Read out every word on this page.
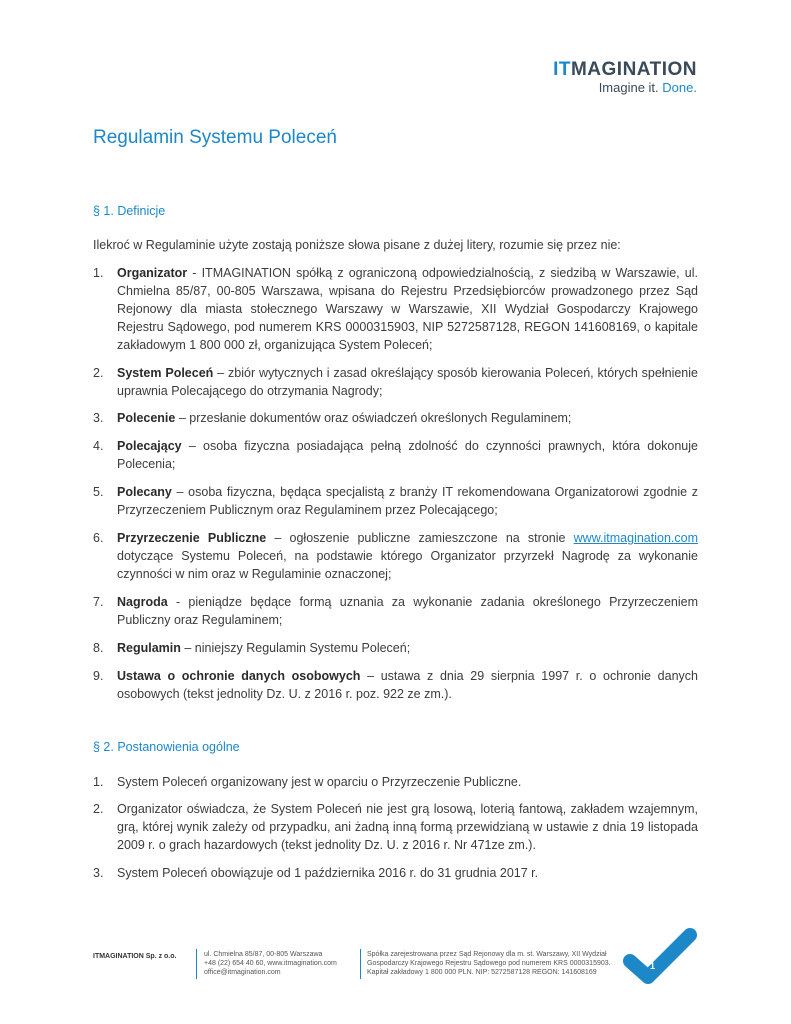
ITMAGINATION
Imagine it. Done.
Regulamin Systemu Poleceń
§ 1. Definicje

Ilekroć w Regulaminie użyte zostają poniższe słowa pisane z dużej litery, rozumie się przez nie:

1. Organizator - ITMAGINATION spółką z ograniczoną odpowiedzialnością, z siedzibą w Warszawie, ul. Chmielna 85/87, 00-805 Warszawa, wpisana do Rejestru Przedsiębiorców prowadzonego przez Sąd Rejonowy dla miasta stołecznego Warszawy w Warszawie, XII Wydział Gospodarczy Krajowego Rejestru Sądowego, pod numerem KRS 0000315903, NIP 5272587128, REGON 141608169, o kapitale zakładowym 1 800 000 zł, organizująca System Poleceń;
2. System Poleceń – zbiór wytycznych i zasad określający sposób kierowania Poleceń, których spełnienie uprawnia Polecającego do otrzymania Nagrody;
3. Polecenie – przesłanie dokumentów oraz oświadczeń określonych Regulaminem;
4. Polecający – osoba fizyczna posiadająca pełną zdolność do czynności prawnych, która dokonuje Polecenia;
5. Polecany – osoba fizyczna, będąca specjalistą z branży IT rekomendowana Organizatorowi zgodnie z Przyrzeczeniem Publicznym oraz Regulaminem przez Polecającego;
6. Przyrzeczenie Publiczne – ogłoszenie publiczne zamieszczone na stronie www.itmagination.com dotyczące Systemu Poleceń, na podstawie którego Organizator przyrzekł Nagrodę za wykonanie czynności w nim oraz w Regulaminie oznaczonej;
7. Nagroda - pieniądze będące formą uznania za wykonanie zadania określonego Przyrzeczeniem Publiczny oraz Regulaminem;
8. Regulamin – niniejszy Regulamin Systemu Poleceń;
9. Ustawa o ochronie danych osobowych – ustawa z dnia 29 sierpnia 1997 r. o ochronie danych osobowych (tekst jednolity Dz. U. z 2016 r. poz. 922 ze zm.).
§ 2. Postanowienia ogólne
1. System Poleceń organizowany jest w oparciu o Przyrzeczenie Publiczne.
2. Organizator oświadcza, że System Poleceń nie jest grą losową, loterią fantową, zakładem wzajemnym, grą, której wynik zależy od przypadku, ani żadną inną formą przewidzianą w ustawie z dnia 19 listopada 2009 r. o grach hazardowych (tekst jednolity Dz. U. z 2016 r. Nr 471ze zm.).
3. System Poleceń obowiązuje od 1 października 2016 r. do 31 grudnia 2017 r.
ITMAGINATION Sp. z o.o.	ul. Chmielna 85/87, 00-805 Warszawa
+48 (22) 654 40 60, www.itmagination.com
office@itmagination.com
Spółka zarejestrowana przez Sąd Rejonowy dla m. st. Warszawy, XII Wydział
Gospodarczy Krajowego Rejestru Sądowego pod numerem KRS 0000315903.
Kapitał zakładowy 1 800 000 PLN. NIP: 5272587128 REGON: 141608169
1
